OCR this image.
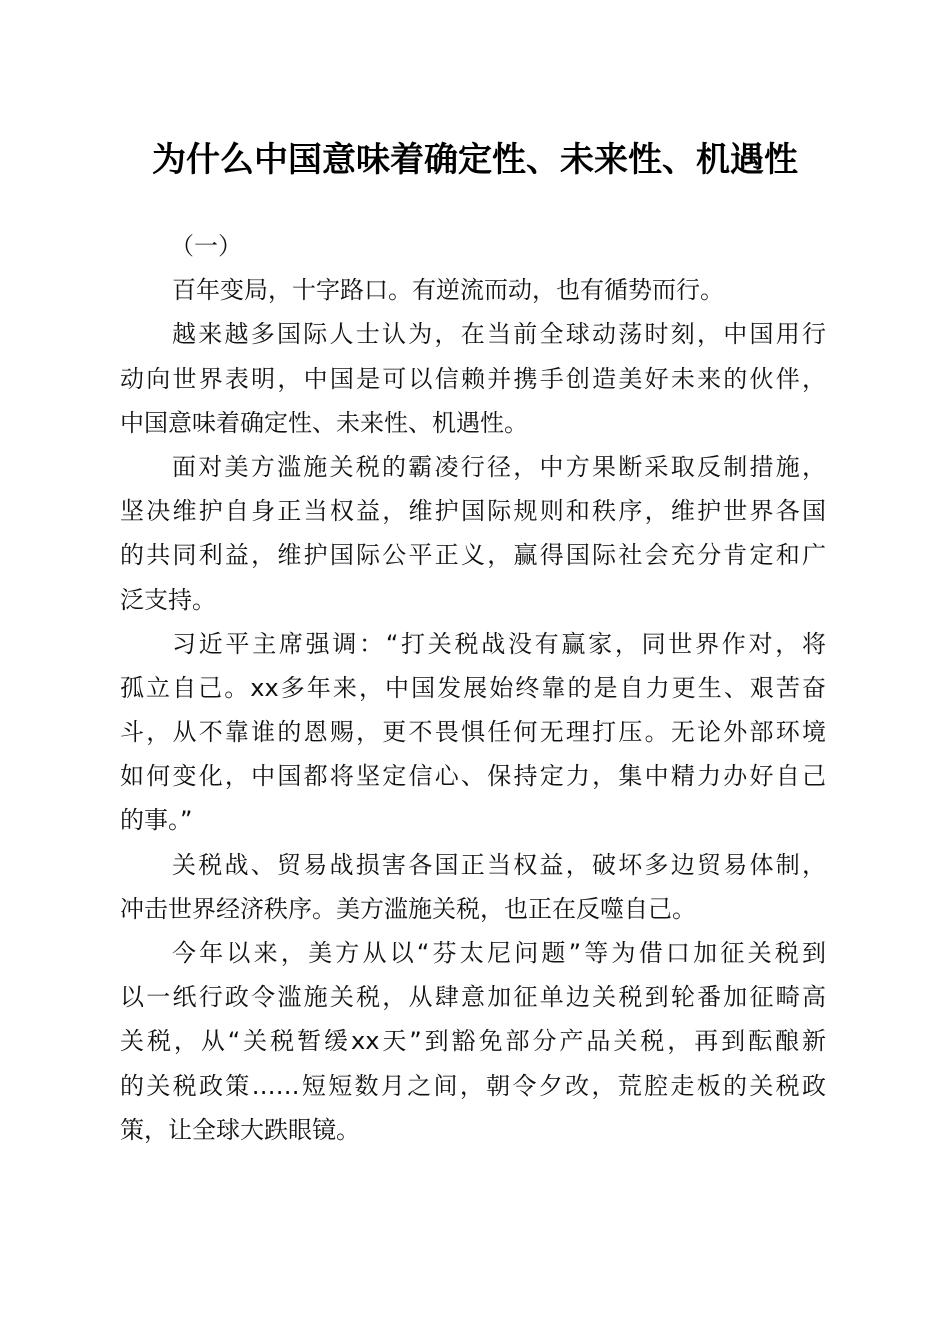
为什么中国意味着确定性、未来性、机遇性
（一）
百年变局，十字路口。有逆流而动，也有循势而行。
越来越多国际人士认为，在当前全球动荡时刻，中国用行
动向世界表明，中国是可以信赖并携手创造美好未来的伙伴，
中国意味着确定性、未来性、机遇性。
面对美方滥施关税的霸凌行径，中方果断采取反制措施，
坚决维护自身正当权益，维护国际规则和秩序，维护世界各国
的共同利益，维护国际公平正义，赢得国际社会充分肯定和广
泛支持。
习近平主席强调：“打关税战没有赢家，同世界作对，将
孤立自己。xx多年来，中国发展始终靠的是自力更生、艰苦奋
斗，从不靠谁的恩赐，更不畏惧任何无理打压。无论外部环境
如何变化，中国都将坚定信心、保持定力，集中精力办好自己
的事。”
关税战、贸易战损害各国正当权益，破坏多边贸易体制，
冲击世界经济秩序。美方滥施关税，也正在反噬自己。
今年以来，美方从以“芬太尼问题”等为借口加征关税到
以一纸行政令滥施关税，从肆意加征单边关税到轮番加征畸高
关税，从“关税暂缓xx天”到豁免部分产品关税，再到酝酿新
的关税政策……短短数月之间，朝令夕改，荒腔走板的关税政
策，让全球大跌眼镜。
